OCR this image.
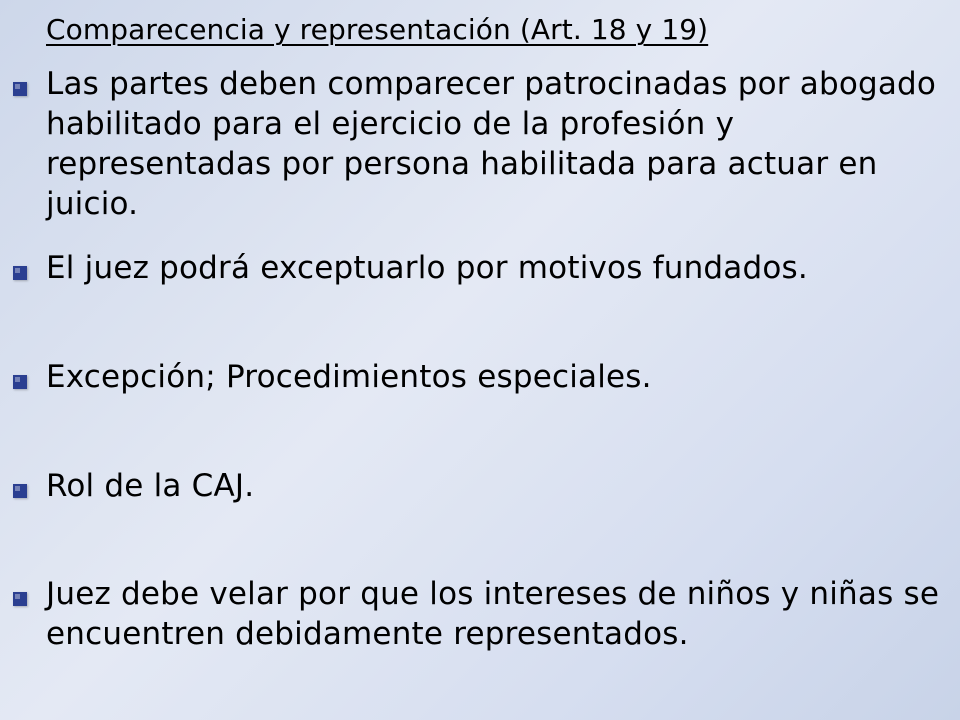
Comparecencia y representación (Art. 18 y 19)
Las partes deben comparecer patrocinadas por abogado habilitado para el ejercicio de la profesión y representadas por persona habilitada para actuar en juicio.
El juez podrá exceptuarlo por motivos fundados.
Excepción; Procedimientos especiales.
Rol de la CAJ.
Juez debe velar por que los intereses de niños y niñas se encuentren debidamente representados.
